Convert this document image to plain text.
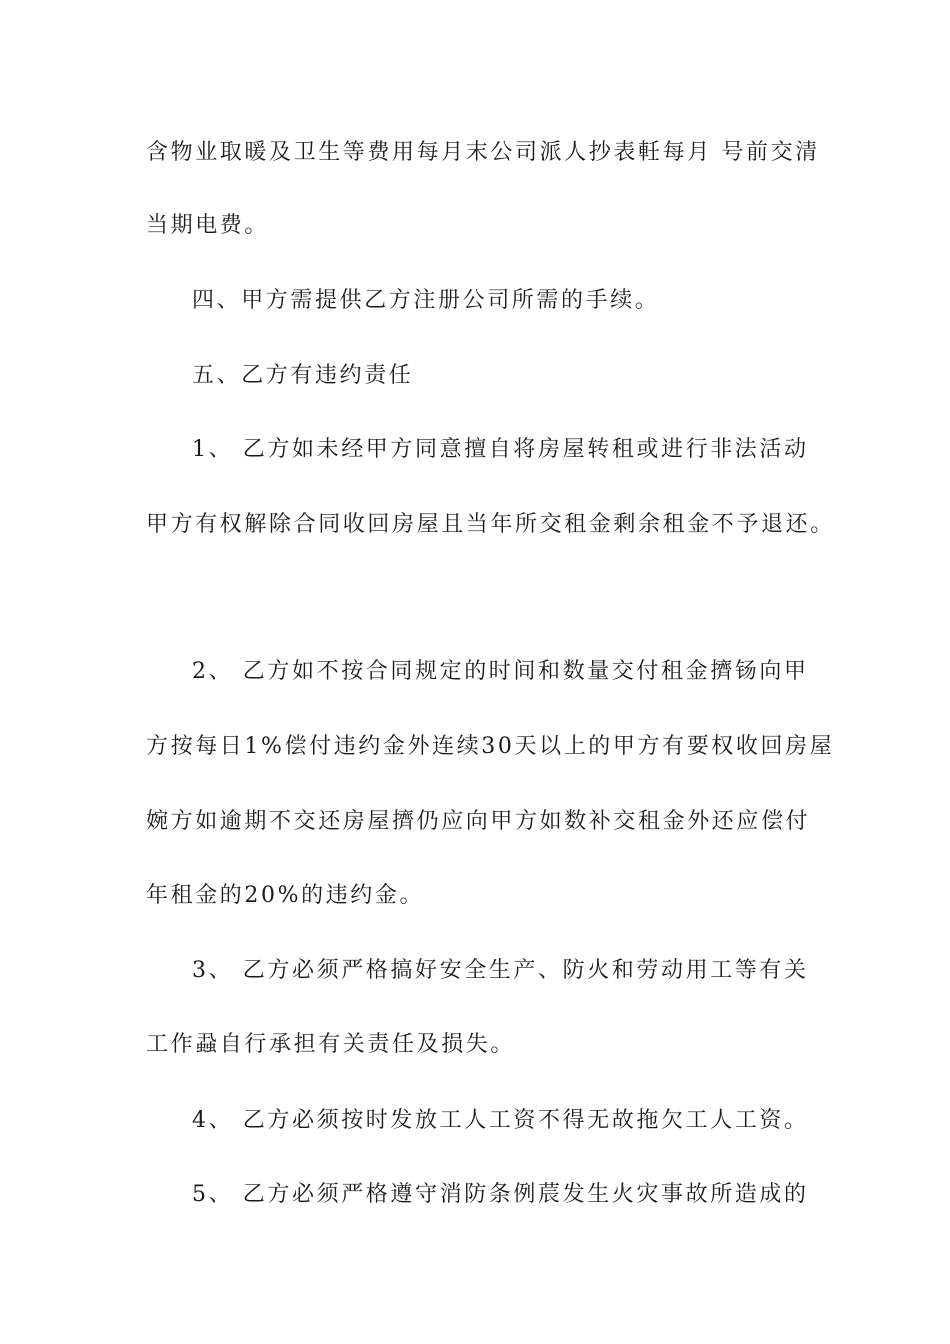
含物业取暖及卫生等费用每月末公司派人抄表軠每月 号前交清
当期电费。
四、甲方需提供乙方注册公司所需的手续。
五、乙方有违约责任
1、 乙方如未经甲方同意擅自将房屋转租或进行非法活动
甲方有权解除合同收回房屋且当年所交租金剩余租金不予退还。
2、 乙方如不按合同规定的时间和数量交付租金擠钖向甲
方按每日1%偿付违约金外连续30天以上的甲方有要权收回房屋
婉方如逾期不交还房屋擠仍应向甲方如数补交租金外还应偿付
年租金的20%的违约金。
3、 乙方必须严格搞好安全生产、防火和劳动用工等有关
工作蝨自行承担有关责任及损失。
4、 乙方必须按时发放工人工资不得无故拖欠工人工资。
5、 乙方必须严格遵守消防条例莀发生火灾事故所造成的
